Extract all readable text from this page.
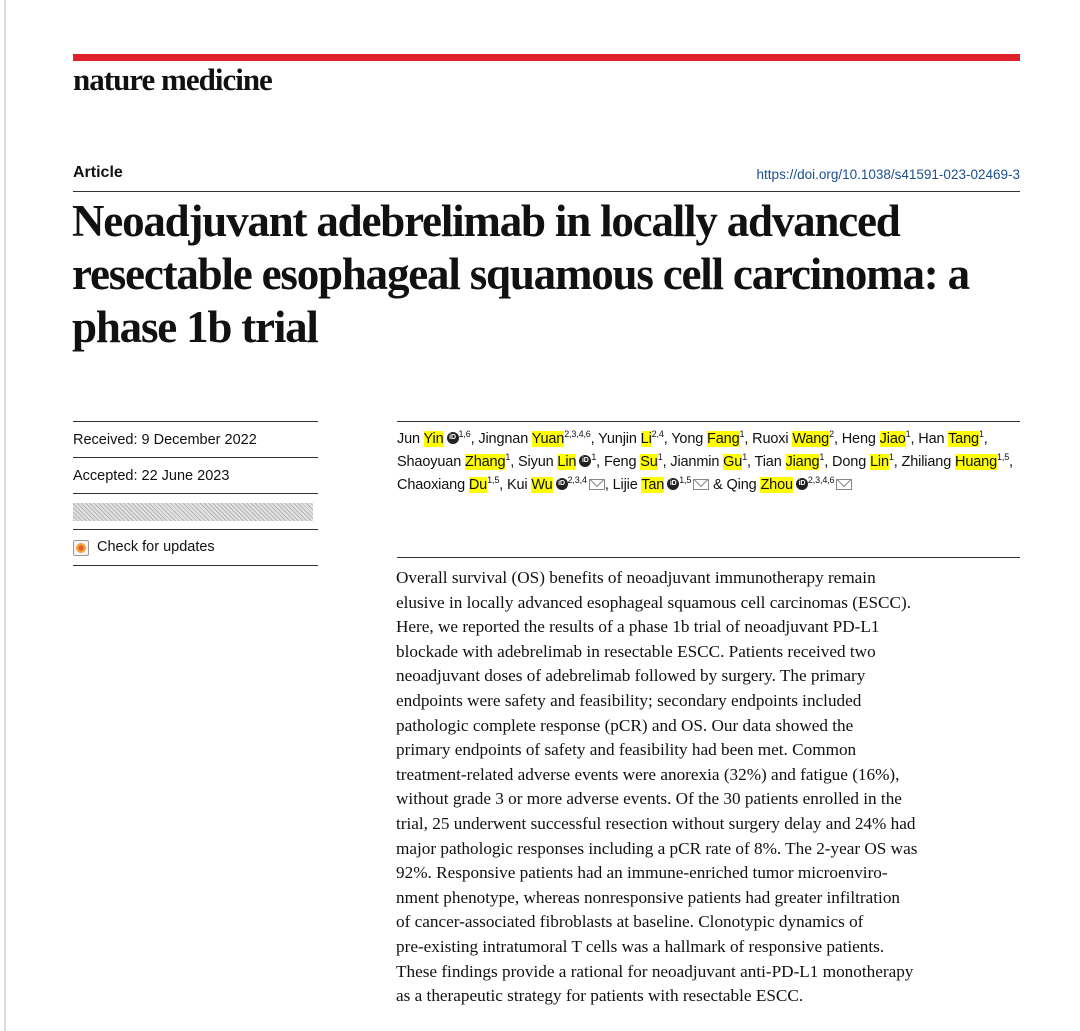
nature medicine
Article	https://doi.org/10.1038/s41591-023-02469-3
Neoadjuvant adebrelimab in locally advanced resectable esophageal squamous cell carcinoma: a phase 1b trial
Received: 9 December 2022
Accepted: 22 June 2023
Check for updates

Jun Yin iD $^{1,6}$, Jingnan Yuan$^{2,3,4,6}$, Yunjin Li$^{2,4}$, Yong Fang$^1$, Ruoxi Wang$^2$, Heng Jiao$^1$, Han Tang$^1$, Shaoyuan Zhang$^1$, Siyun Lin iD $^1$, Feng Su$^1$, Jianmin Gu$^1$, Tian Jiang$^1$, Dong Lin$^1$, Zhiliang Huang$^{1,5}$, Chaoxiang Du$^{1,5}$, Kui Wu iD $^{2,3,4}$ , Lijie Tan iD $^{1,5}$ & Qing Zhou iD $^{2,3,4,6}$

Overall survival (OS) benefits of neoadjuvant immunotherapy remain
elusive in locally advanced esophageal squamous cell carcinomas (ESCC).
Here, we reported the results of a phase 1b trial of neoadjuvant PD-L1
blockade with adebrelimab in resectable ESCC. Patients received two
neoadjuvant doses of adebrelimab followed by surgery. The primary
endpoints were safety and feasibility; secondary endpoints included
pathologic complete response (pCR) and OS. Our data showed the
primary endpoints of safety and feasibility had been met. Common
treatment-related adverse events were anorexia (32%) and fatigue (16%),
without grade 3 or more adverse events. Of the 30 patients enrolled in the
trial, 25 underwent successful resection without surgery delay and 24% had
major pathologic responses including a pCR rate of 8%. The 2-year OS was
92%. Responsive patients had an immune-enriched tumor microenviro-
nment phenotype, whereas nonresponsive patients had greater infiltration
of cancer-associated fibroblasts at baseline. Clonotypic dynamics of
pre-existing intratumoral T cells was a hallmark of responsive patients.
These findings provide a rational for neoadjuvant anti-PD-L1 monotherapy
as a therapeutic strategy for patients with resectable ESCC.
